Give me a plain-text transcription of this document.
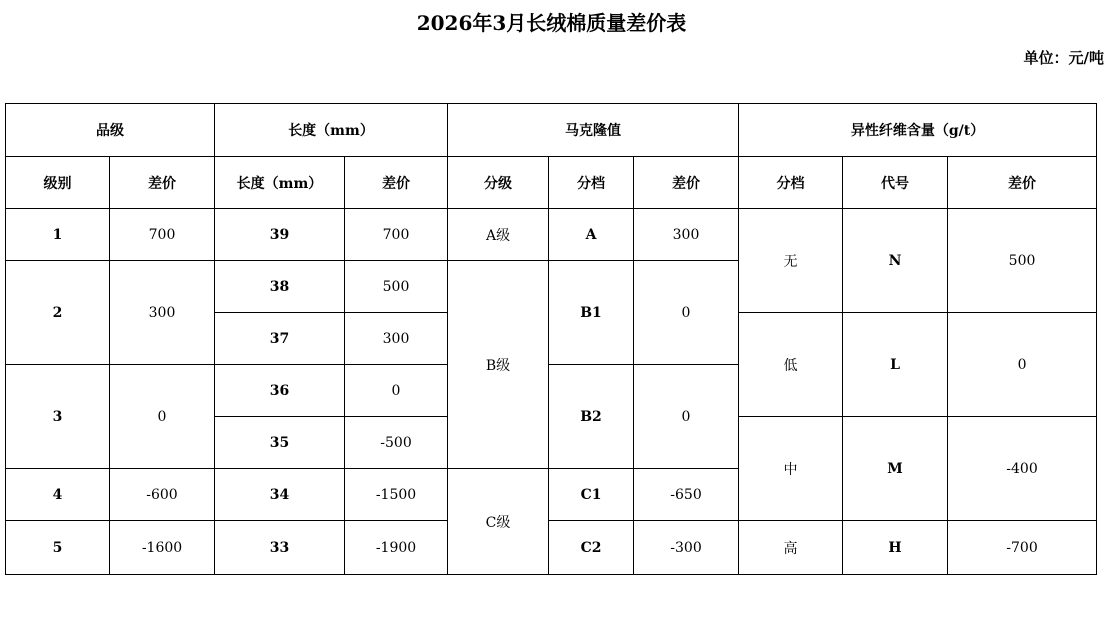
2026年3月长绒棉质量差价表
单位：元/吨
品级		长度（mm）		马克隆值			异性纤维含量（g/t）		
级别	差价	长度（mm）	差价	分级	分档	差价	分档	代号	差价
1	700	39	700	A级	A	300	无	N	500
2	300	38	500	B级	B1	0			
		37	300				低	L	0
3	0	36	0		B2	0			
		35	-500				中	M	-400
4	-600	34	-1500	C级	C1	-650			
5	-1600	33	-1900		C2	-300	高	H	-700
